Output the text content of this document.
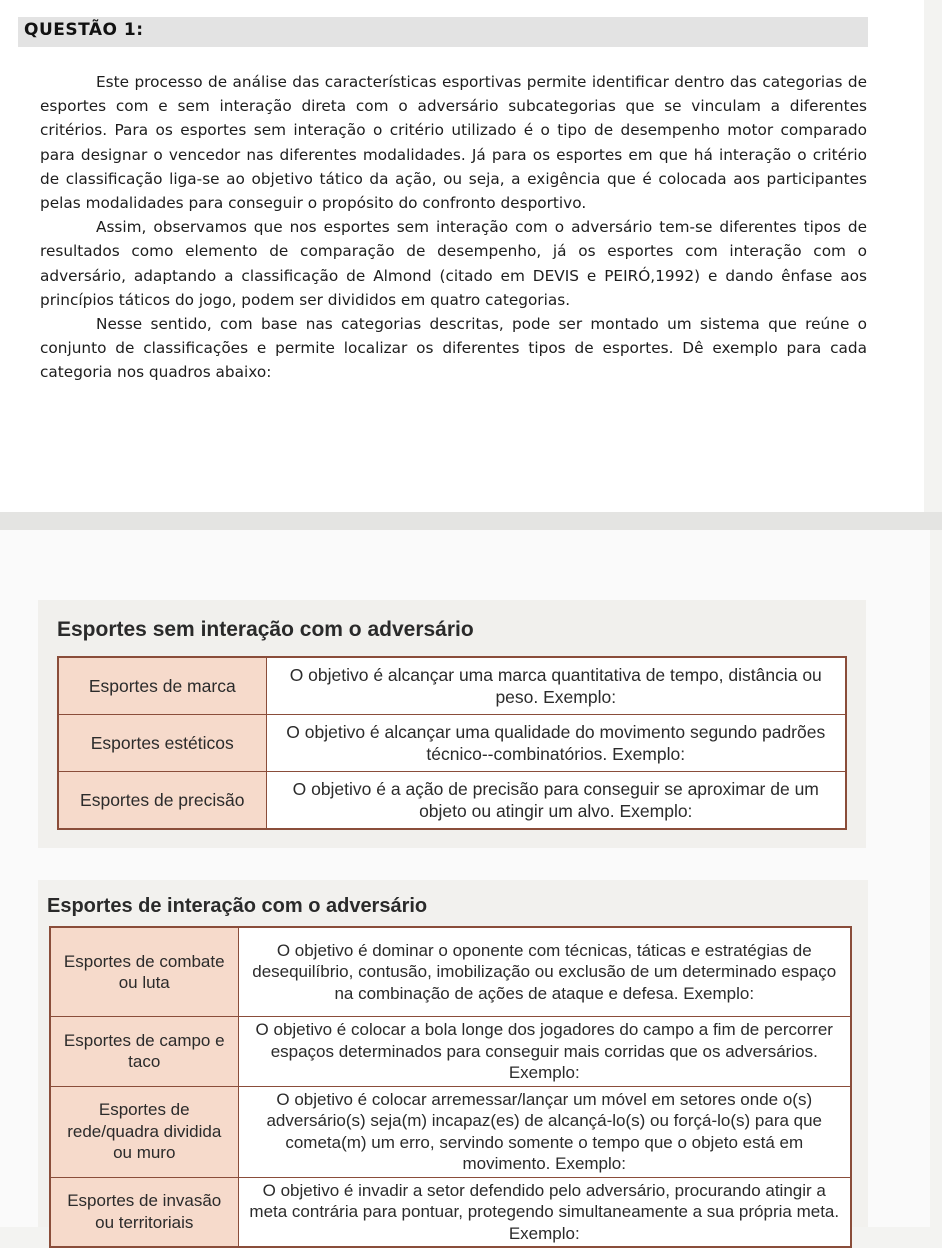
QUESTÃO 1:

Este processo de análise das características esportivas permite identificar dentro das categorias de esportes com e sem interação direta com o adversário subcategorias que se vinculam a diferentes critérios. Para os esportes sem interação o critério utilizado é o tipo de desempenho motor comparado para designar o vencedor nas diferentes modalidades. Já para os esportes em que há interação o critério de classificação liga-se ao objetivo tático da ação, ou seja, a exigência que é colocada aos participantes pelas modalidades para conseguir o propósito do confronto desportivo.

Assim, observamos que nos esportes sem interação com o adversário tem-se diferentes tipos de resultados como elemento de comparação de desempenho, já os esportes com interação com o adversário, adaptando a classificação de Almond (citado em DEVIS e PEIRÓ,1992) e dando ênfase aos princípios táticos do jogo, podem ser divididos em quatro categorias.

Nesse sentido, com base nas categorias descritas, pode ser montado um sistema que reúne o conjunto de classificações e permite localizar os diferentes tipos de esportes. Dê exemplo para cada categoria nos quadros abaixo:

Esportes sem interação com o adversário
Esportes de marca	O objetivo é alcançar uma marca quantitativa de tempo, distância ou peso. Exemplo:
Esportes estéticos	O objetivo é alcançar uma qualidade do movimento segundo padrões técnico--combinatórios. Exemplo:
Esportes de precisão	O objetivo é a ação de precisão para conseguir se aproximar de um objeto ou atingir um alvo. Exemplo:
Esportes de interação com o adversário
Esportes de combate ou luta	O objetivo é dominar o oponente com técnicas, táticas e estratégias de desequilíbrio, contusão, imobilização ou exclusão de um determinado espaço na combinação de ações de ataque e defesa. Exemplo:
Esportes de campo e taco	O objetivo é colocar a bola longe dos jogadores do campo a fim de percorrer espaços determinados para conseguir mais corridas que os adversários. Exemplo:
Esportes de rede/quadra dividida ou muro	O objetivo é colocar arremessar/lançar um móvel em setores onde o(s) adversário(s) seja(m) incapaz(es) de alcançá-lo(s) ou forçá-lo(s) para que cometa(m) um erro, servindo somente o tempo que o objeto está em movimento. Exemplo:
Esportes de invasão ou territoriais	O objetivo é invadir a setor defendido pelo adversário, procurando atingir a meta contrária para pontuar, protegendo simultaneamente a sua própria meta. Exemplo:
